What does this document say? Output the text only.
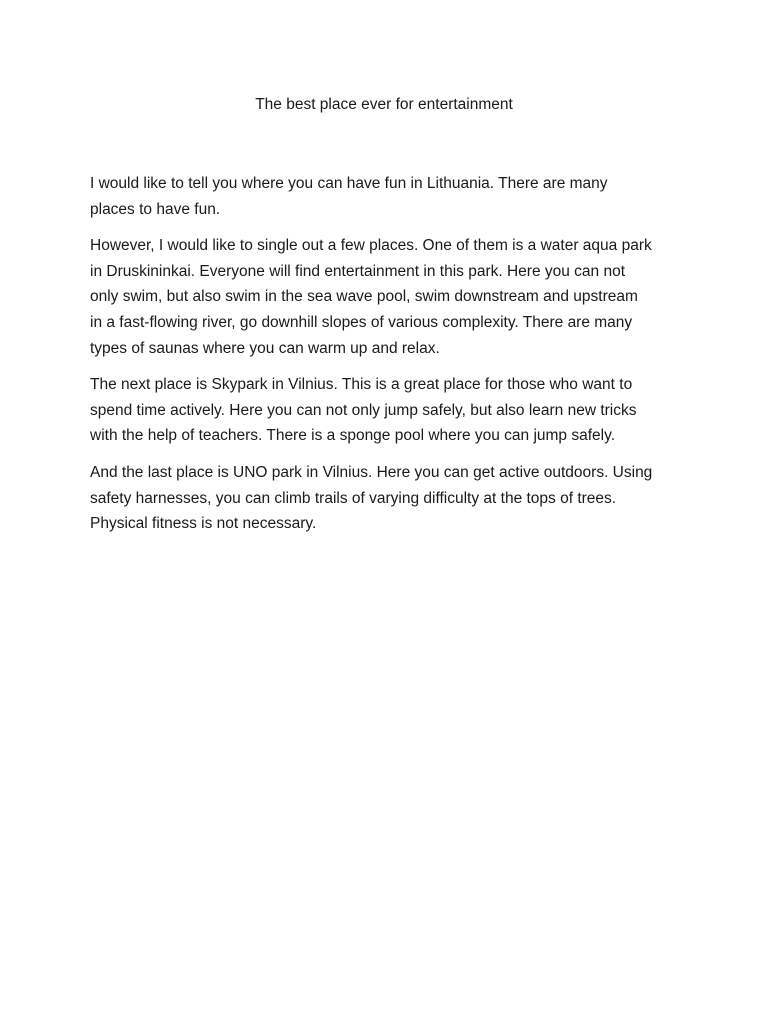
The best place ever for entertainment

I would like to tell you where you can have fun in Lithuania. There are many
places to have fun.

However, I would like to single out a few places. One of them is a water aqua park
in Druskininkai. Everyone will find entertainment in this park. Here you can not
only swim, but also swim in the sea wave pool, swim downstream and upstream
in a fast-flowing river, go downhill slopes of various complexity. There are many
types of saunas where you can warm up and relax.

The next place is Skypark in Vilnius. This is a great place for those who want to
spend time actively. Here you can not only jump safely, but also learn new tricks
with the help of teachers. There is a sponge pool where you can jump safely.

And the last place is UNO park in Vilnius. Here you can get active outdoors. Using
safety harnesses, you can climb trails of varying difficulty at the tops of trees.
Physical fitness is not necessary.
